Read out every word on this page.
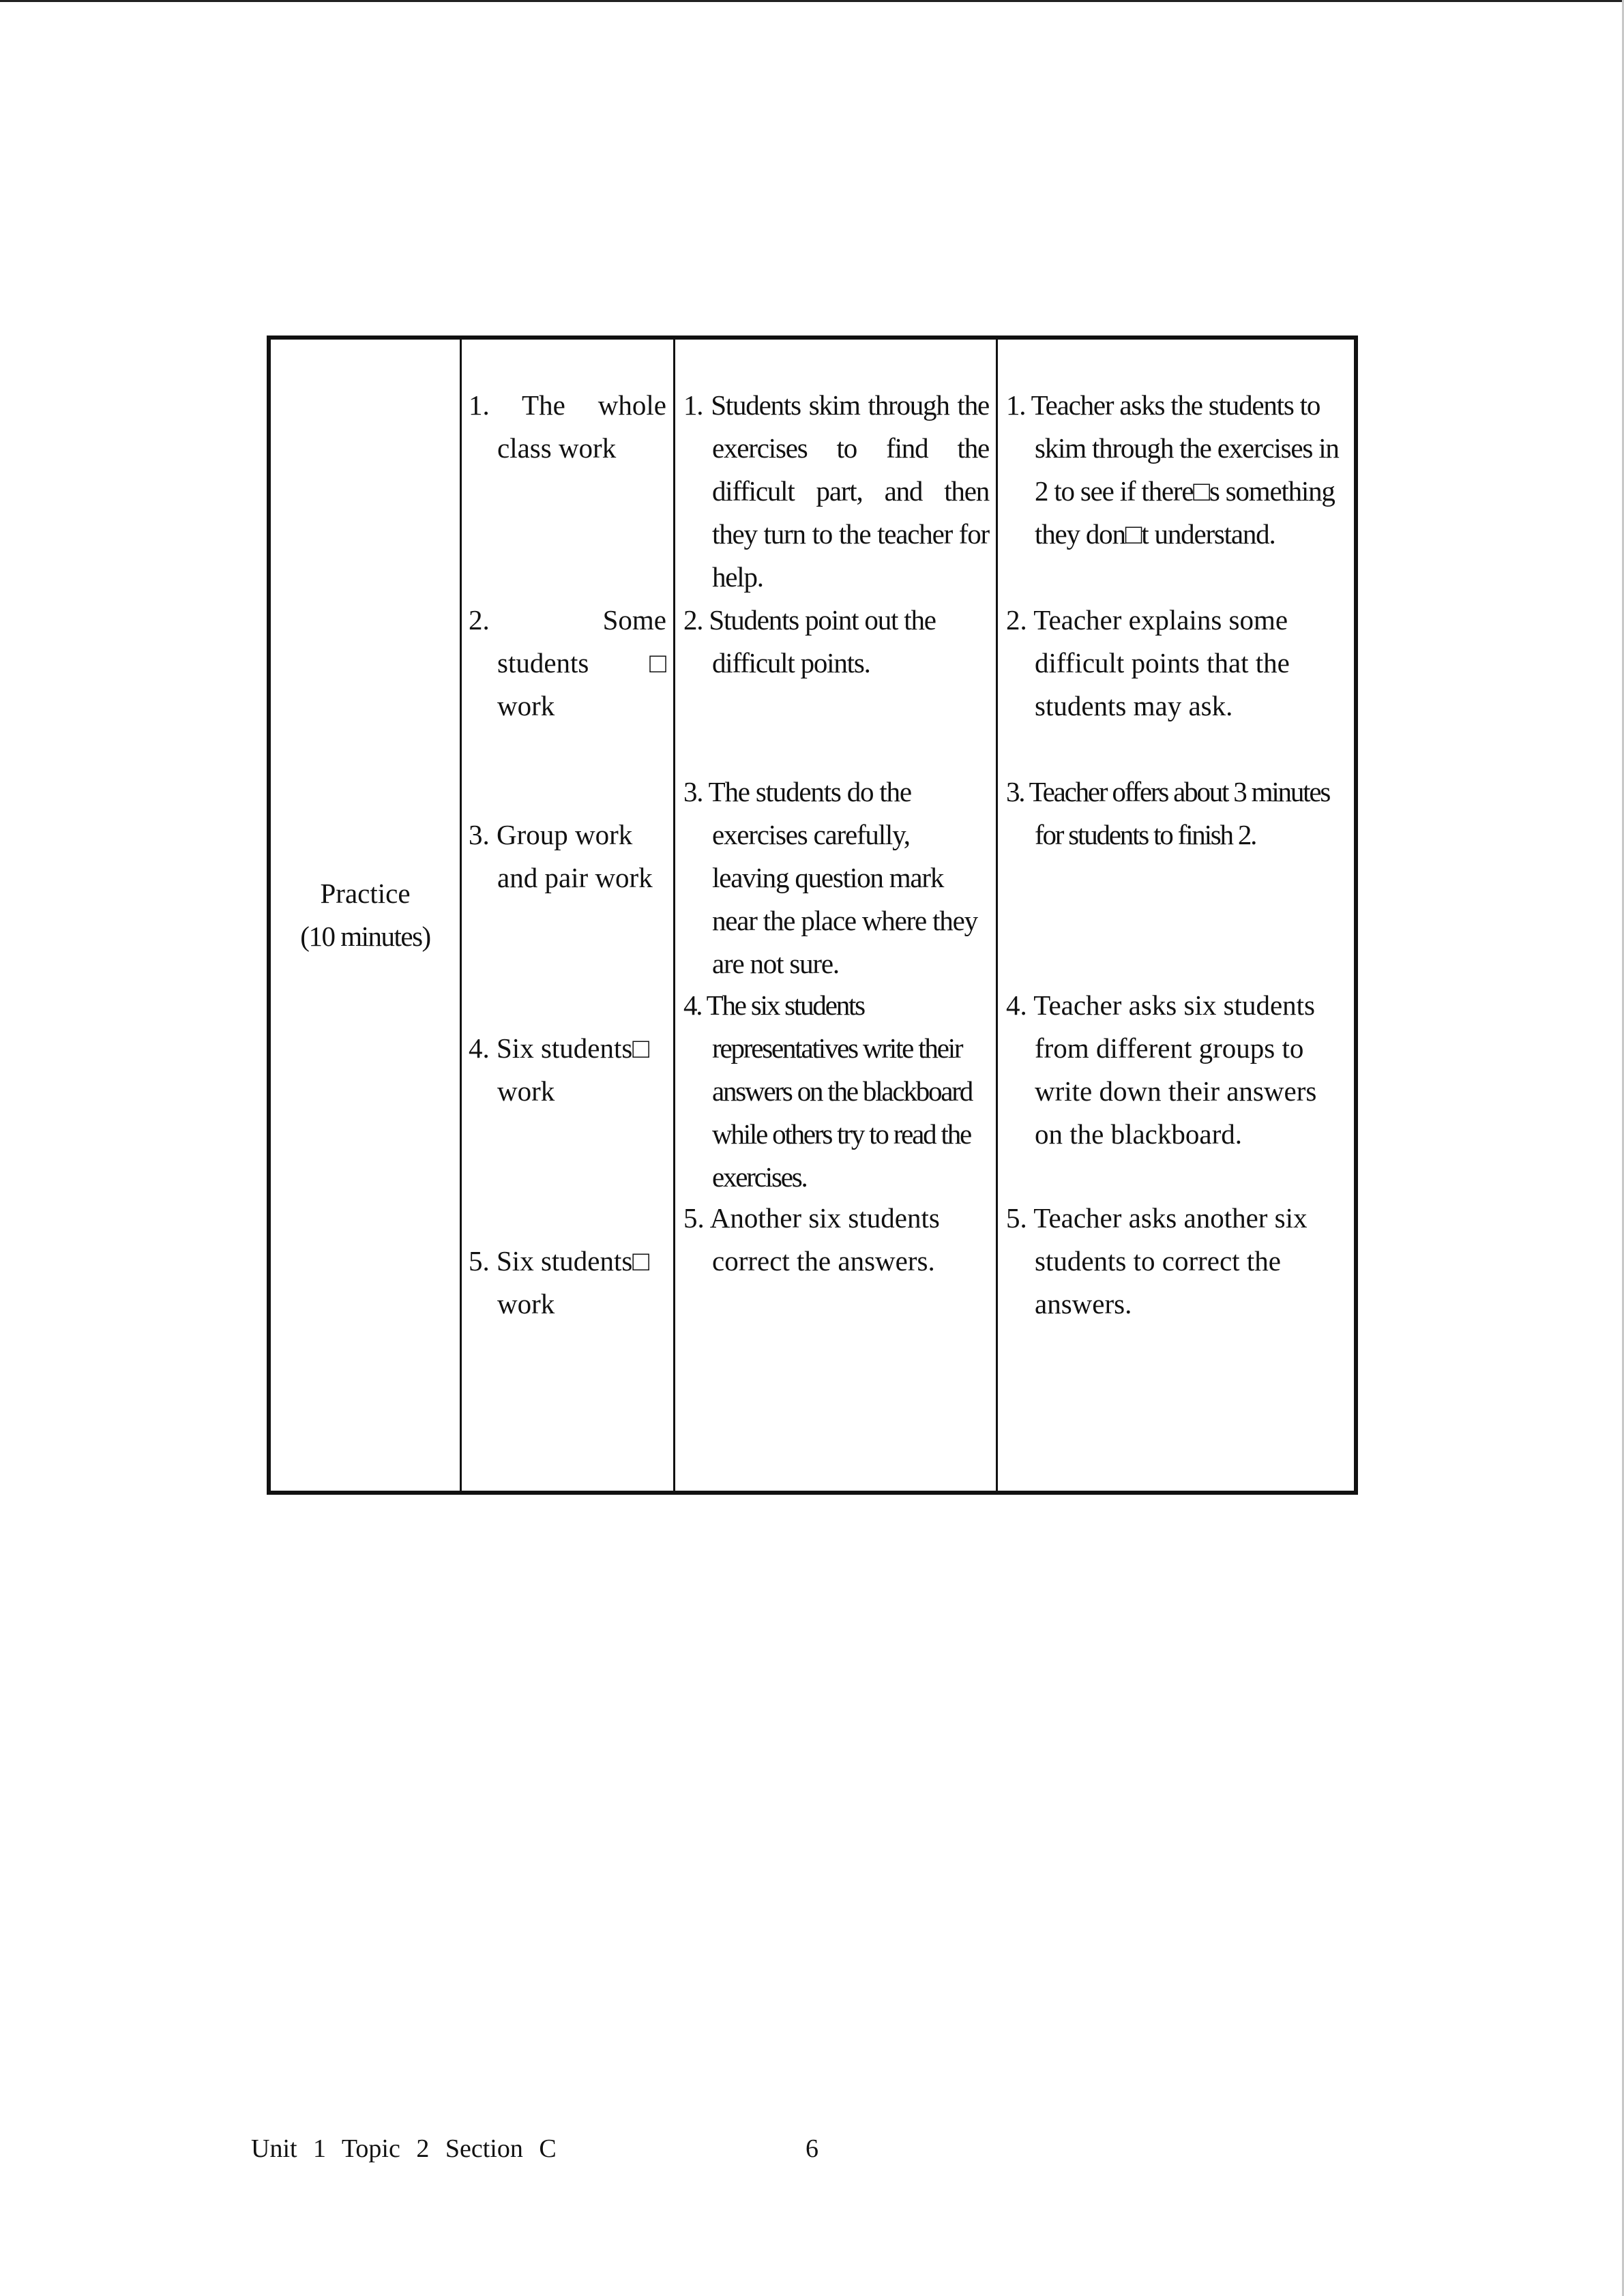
Practice
(10 minutes)
1. The whole class work
1. Students skim through the exercises to find the difficult part, and then they turn to the teacher for help.
1. Teacher asks the students to skim through the exercises in 2 to see if there□s something they don□t understand.
2. Some students□ work
2. Students point out the difficult points.
2. Teacher explains some difficult points that the students may ask.
3. Group work and pair work
3. The students do the exercises carefully, leaving question mark near the place where they are not sure.
3. Teacher offers about 3 minutes for students to finish 2.
4. Six students□ work
4. The six students representatives write their answers on the blackboard while others try to read the exercises.
4. Teacher asks six students from different groups to write down their answers on the blackboard.
5. Six students□ work
5. Another six students correct the answers.
5. Teacher asks another six students to correct the answers.
Unit 1 Topic 2 Section C	6
